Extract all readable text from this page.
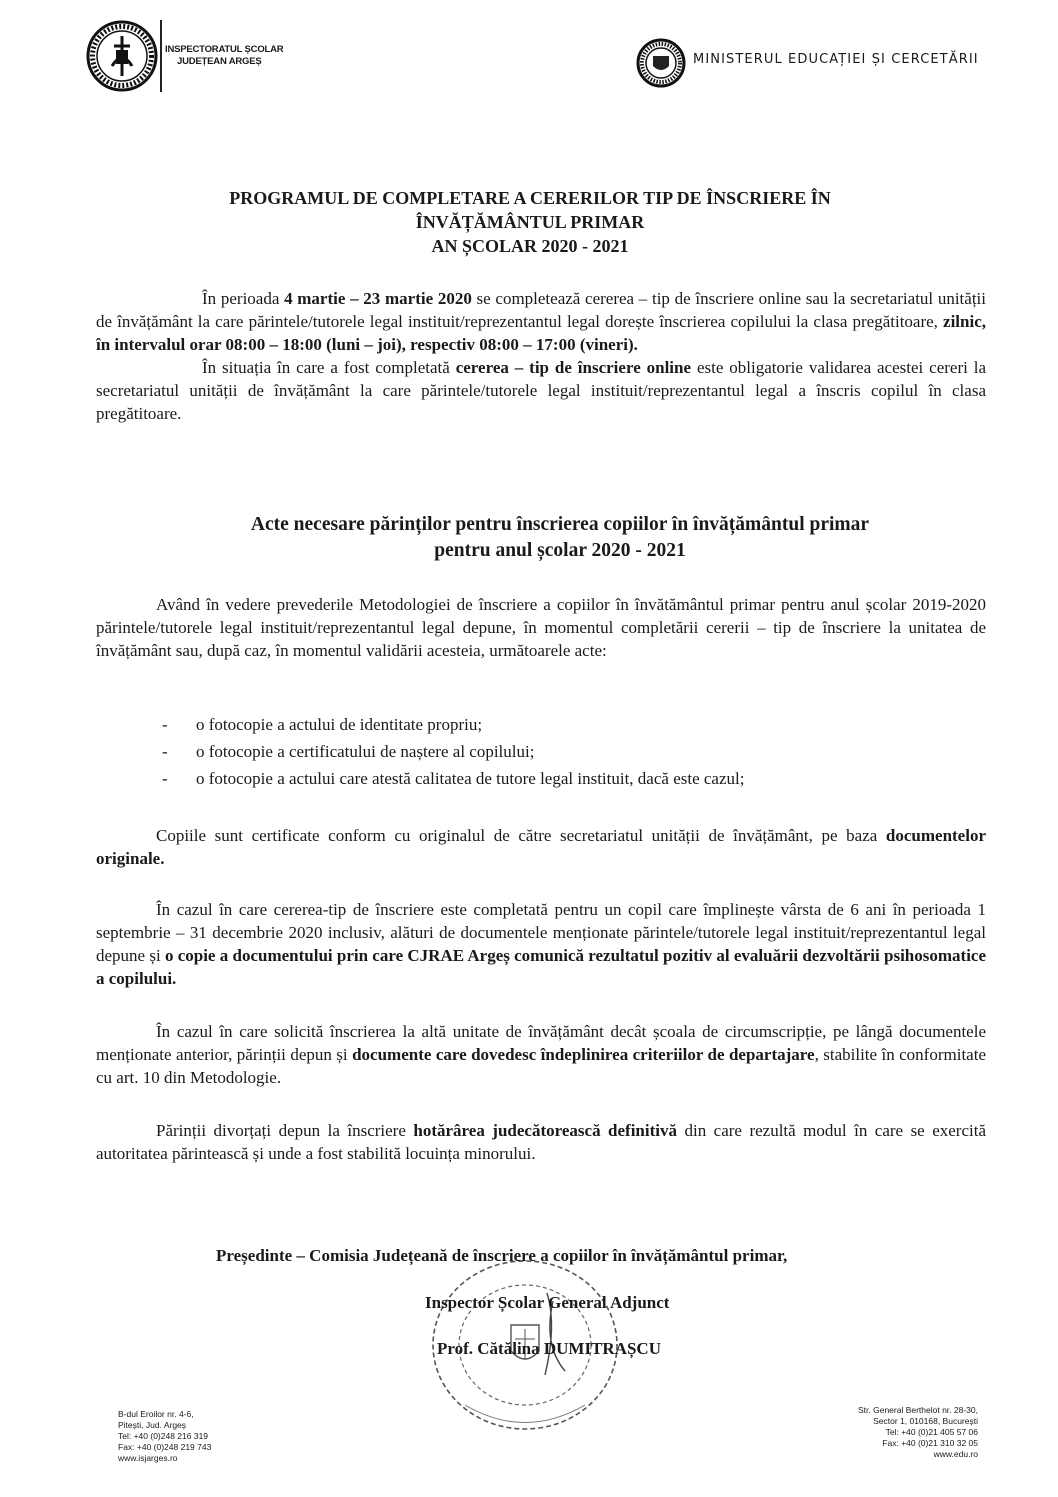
INSPECTORATUL ȘCOLAR
JUDEȚEAN ARGEȘ	MINISTERUL EDUCAȚIEI ȘI CERCETĂRII
PROGRAMUL DE COMPLETARE A CERERILOR TIP DE ÎNSCRIERE ÎN
ÎNVĂȚĂMÂNTUL PRIMAR
AN ȘCOLAR 2020 - 2021

În perioada 4 martie – 23 martie 2020 se completează cererea – tip de înscriere online sau la secretariatul unității de învățământ la care părintele/tutorele legal instituit/reprezentantul legal dorește înscrierea copilului la clasa pregătitoare, zilnic, în intervalul orar 08:00 – 18:00 (luni – joi), respectiv 08:00 – 17:00 (vineri).

În situația în care a fost completată cererea – tip de înscriere online este obligatorie validarea acestei cereri la secretariatul unității de învățământ la care părintele/tutorele legal instituit/reprezentantul legal a înscris copilul în clasa pregătitoare.

Acte necesare părinților pentru înscrierea copiilor în învățământul primar
pentru anul școlar 2020 - 2021

Având în vedere prevederile Metodologiei de înscriere a copiilor în învătământul primar pentru anul școlar 2019-2020 părintele/tutorele legal instituit/reprezentantul legal depune, în momentul completării cererii – tip de înscriere la unitatea de învățământ sau, după caz, în momentul validării acesteia, următoarele acte:

- o fotocopie a actului de identitate propriu;
- o fotocopie a certificatului de naștere al copilului;
- o fotocopie a actului care atestă calitatea de tutore legal instituit, dacă este cazul;

Copiile sunt certificate conform cu originalul de către secretariatul unității de învățământ, pe baza documentelor originale.

În cazul în care cererea-tip de înscriere este completată pentru un copil care împlinește vârsta de 6 ani în perioada 1 septembrie – 31 decembrie 2020 inclusiv, alături de documentele menționate părintele/tutorele legal instituit/reprezentantul legal depune și o copie a documentului prin care CJRAE Argeș comunică rezultatul pozitiv al evaluării dezvoltării psihosomatice a copilului.

În cazul în care solicită înscrierea la altă unitate de învățământ decât școala de circumscripție, pe lângă documentele menționate anterior, părinții depun și documente care dovedesc îndeplinirea criteriilor de departajare, stabilite în conformitate cu art. 10 din Metodologie.

Părinții divorțați depun la înscriere hotărârea judecătorească definitivă din care rezultă modul în care se exercită autoritatea părintească și unde a fost stabilită locuința minorului.

Președinte – Comisia Județeană de înscriere a copiilor în învățământul primar,
Inspector Școlar General Adjunct
Prof. Cătălina DUMITRAȘCU
B-dul Eroilor nr. 4-6,
Pitești, Jud. Argeș
Tel: +40 (0)248 216 319
Fax: +40 (0)248 219 743
www.isjarges.ro
Str. General Berthelot nr. 28-30,
Sector 1, 010168, București
Tel: +40 (0)21 405 57 06
Fax: +40 (0)21 310 32 05
www.edu.ro
